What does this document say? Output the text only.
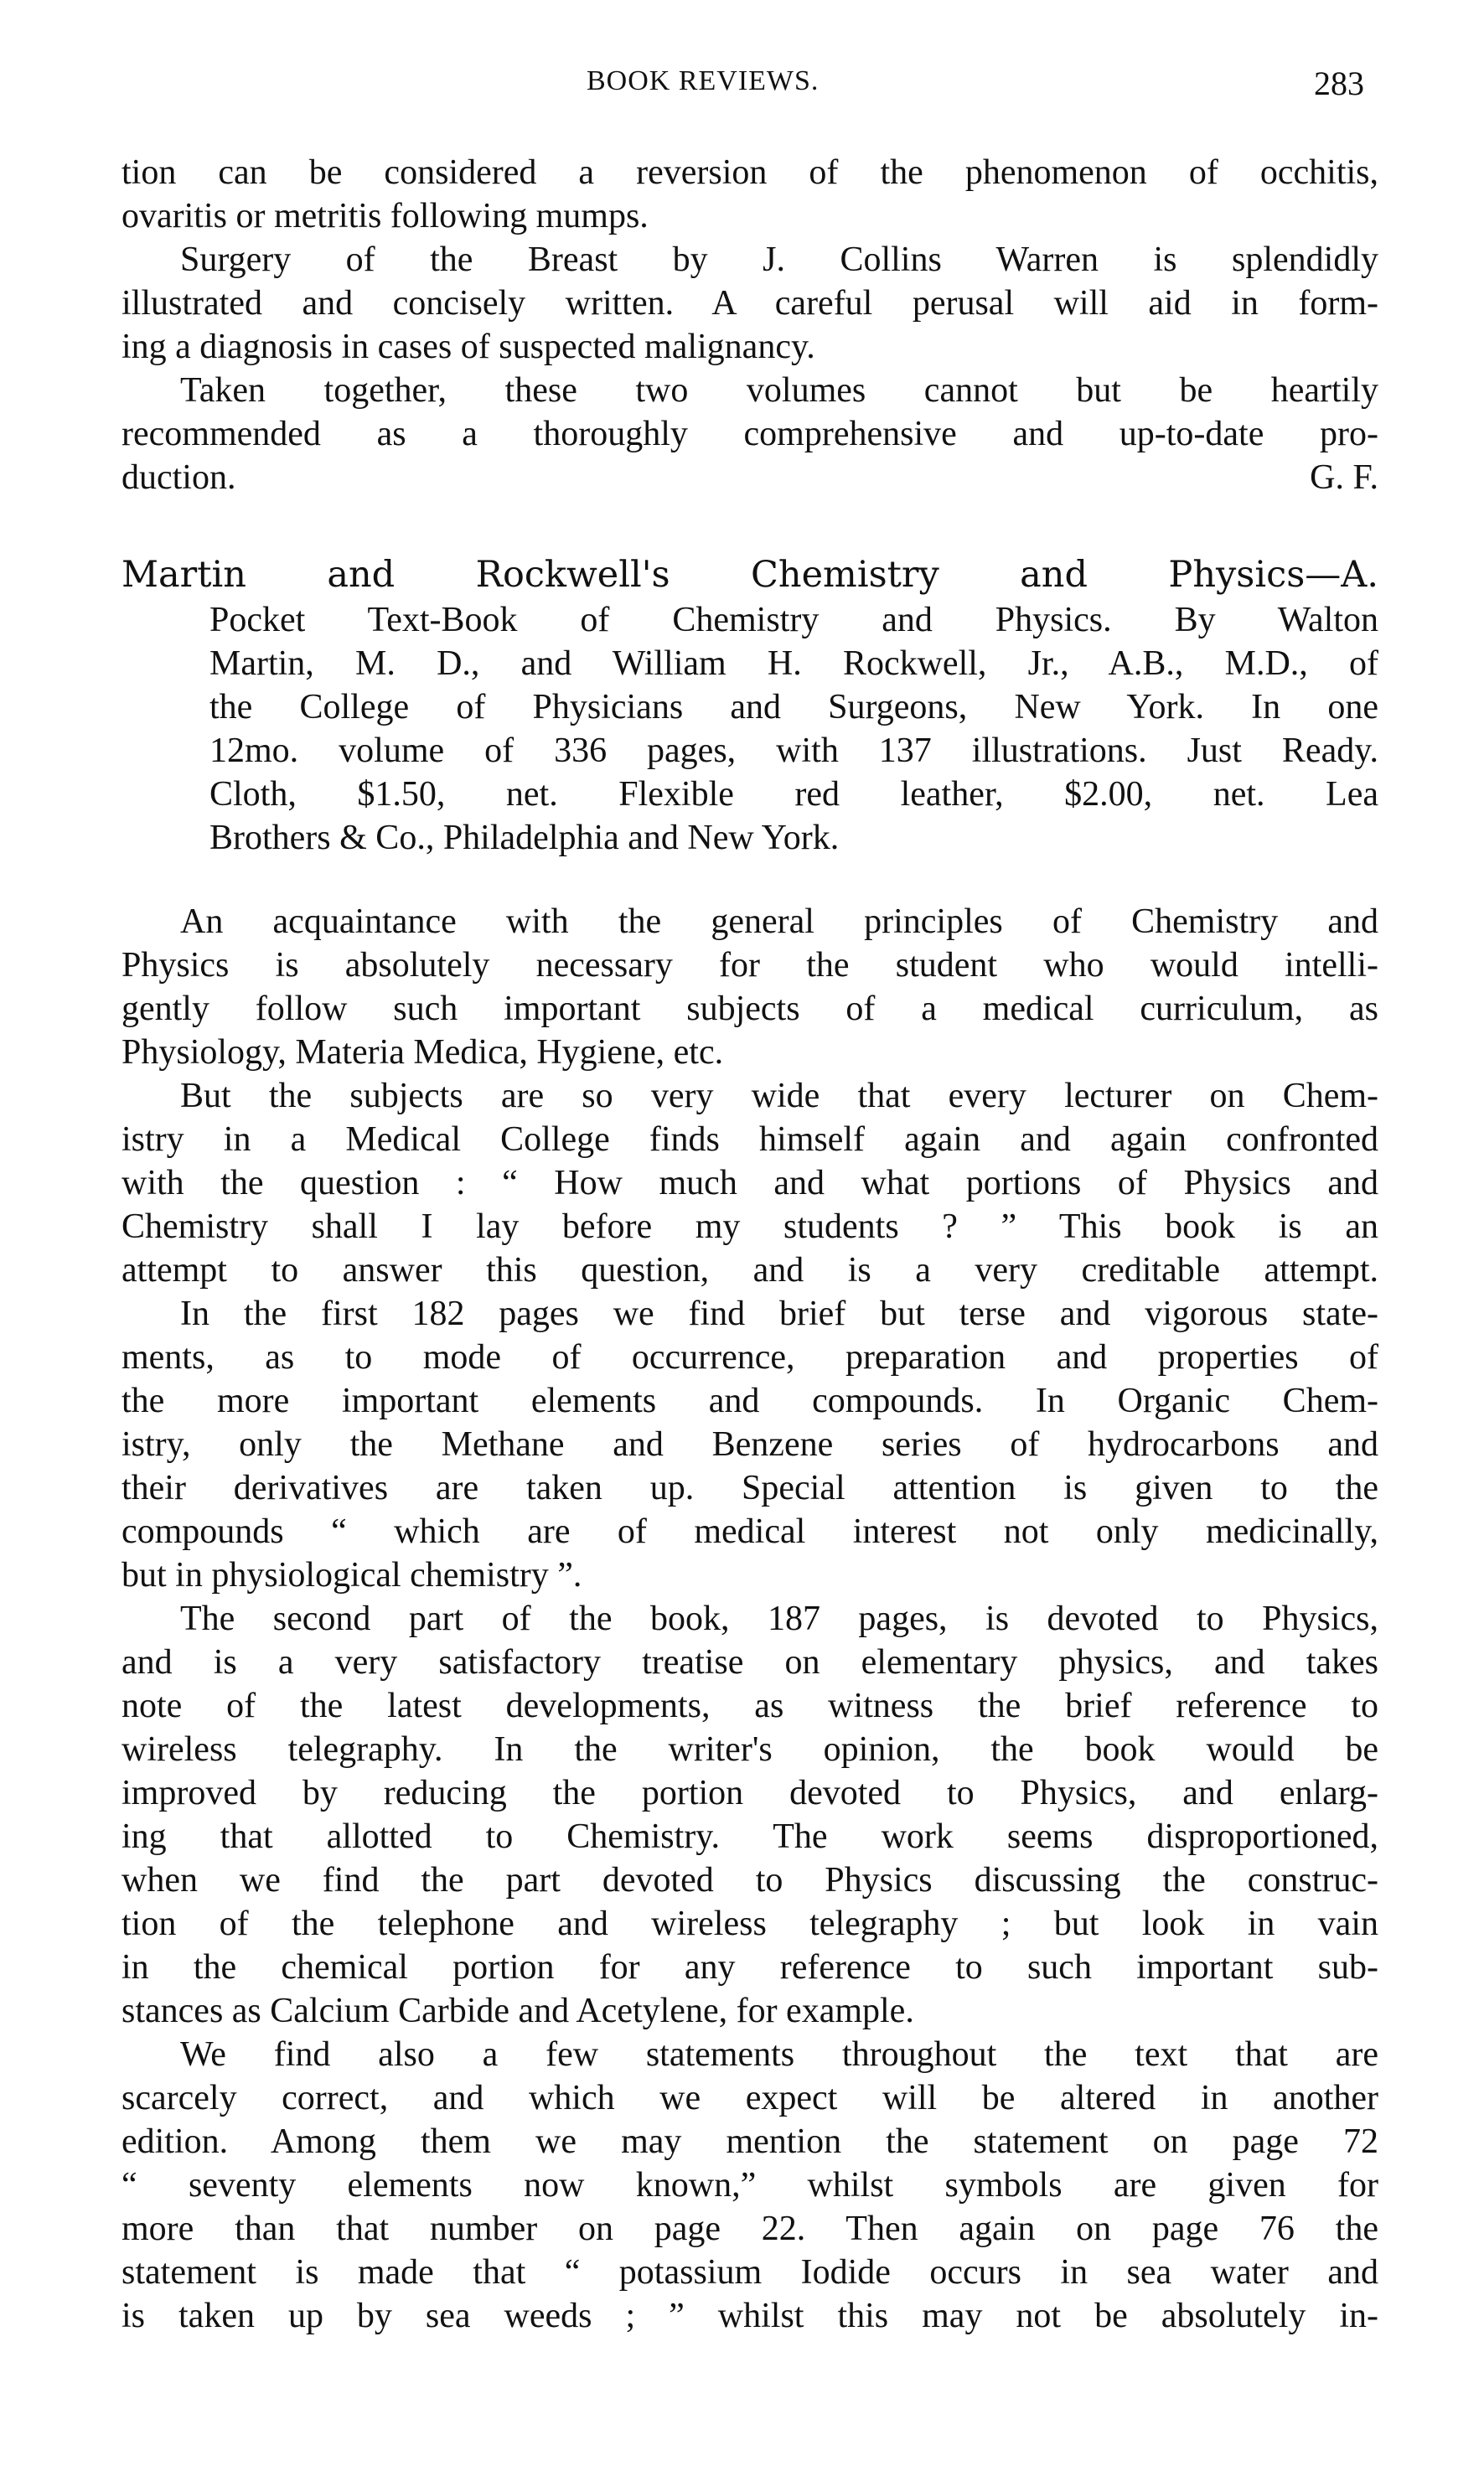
BOOK REVIEWS.	283
tion can be considered a reversion of the phenomenon of occhitis,
ovaritis or metritis following mumps.
Surgery of the Breast by J. Collins Warren is splendidly
illustrated and concisely written. A careful perusal will aid in form-
ing a diagnosis in cases of suspected malignancy.
Taken together, these two volumes cannot but be heartily
recommended as a thoroughly comprehensive and up-to-date pro-
duction.	G. F.
Martin and Rockwell's Chemistry and Physics—A.
Pocket Text-Book of Chemistry and Physics. By Walton
Martin, M. D., and William H. Rockwell, Jr., A.B., M.D., of
the College of Physicians and Surgeons, New York. In one
12mo. volume of 336 pages, with 137 illustrations. Just Ready.
Cloth, $1.50, net. Flexible red leather, $2.00, net. Lea
Brothers & Co., Philadelphia and New York.
An acquaintance with the general principles of Chemistry and
Physics is absolutely necessary for the student who would intelli-
gently follow such important subjects of a medical curriculum, as
Physiology, Materia Medica, Hygiene, etc.
But the subjects are so very wide that every lecturer on Chem-
istry in a Medical College finds himself again and again confronted
with the question : “ How much and what portions of Physics and
Chemistry shall I lay before my students ? ” This book is an
attempt to answer this question, and is a very creditable attempt.
In the first 182 pages we find brief but terse and vigorous state-
ments, as to mode of occurrence, preparation and properties of
the more important elements and compounds. In Organic Chem-
istry, only the Methane and Benzene series of hydrocarbons and
their derivatives are taken up. Special attention is given to the
compounds “ which are of medical interest not only medicinally,
but in physiological chemistry ”.
The second part of the book, 187 pages, is devoted to Physics,
and is a very satisfactory treatise on elementary physics, and takes
note of the latest developments, as witness the brief reference to
wireless telegraphy. In the writer's opinion, the book would be
improved by reducing the portion devoted to Physics, and enlarg-
ing that allotted to Chemistry. The work seems disproportioned,
when we find the part devoted to Physics discussing the construc-
tion of the telephone and wireless telegraphy ; but look in vain
in the chemical portion for any reference to such important sub-
stances as Calcium Carbide and Acetylene, for example.
We find also a few statements throughout the text that are
scarcely correct, and which we expect will be altered in another
edition. Among them we may mention the statement on page 72
“ seventy elements now known,” whilst symbols are given for
more than that number on page 22. Then again on page 76 the
statement is made that “ potassium Iodide occurs in sea water and
is taken up by sea weeds ; ” whilst this may not be absolutely in-
